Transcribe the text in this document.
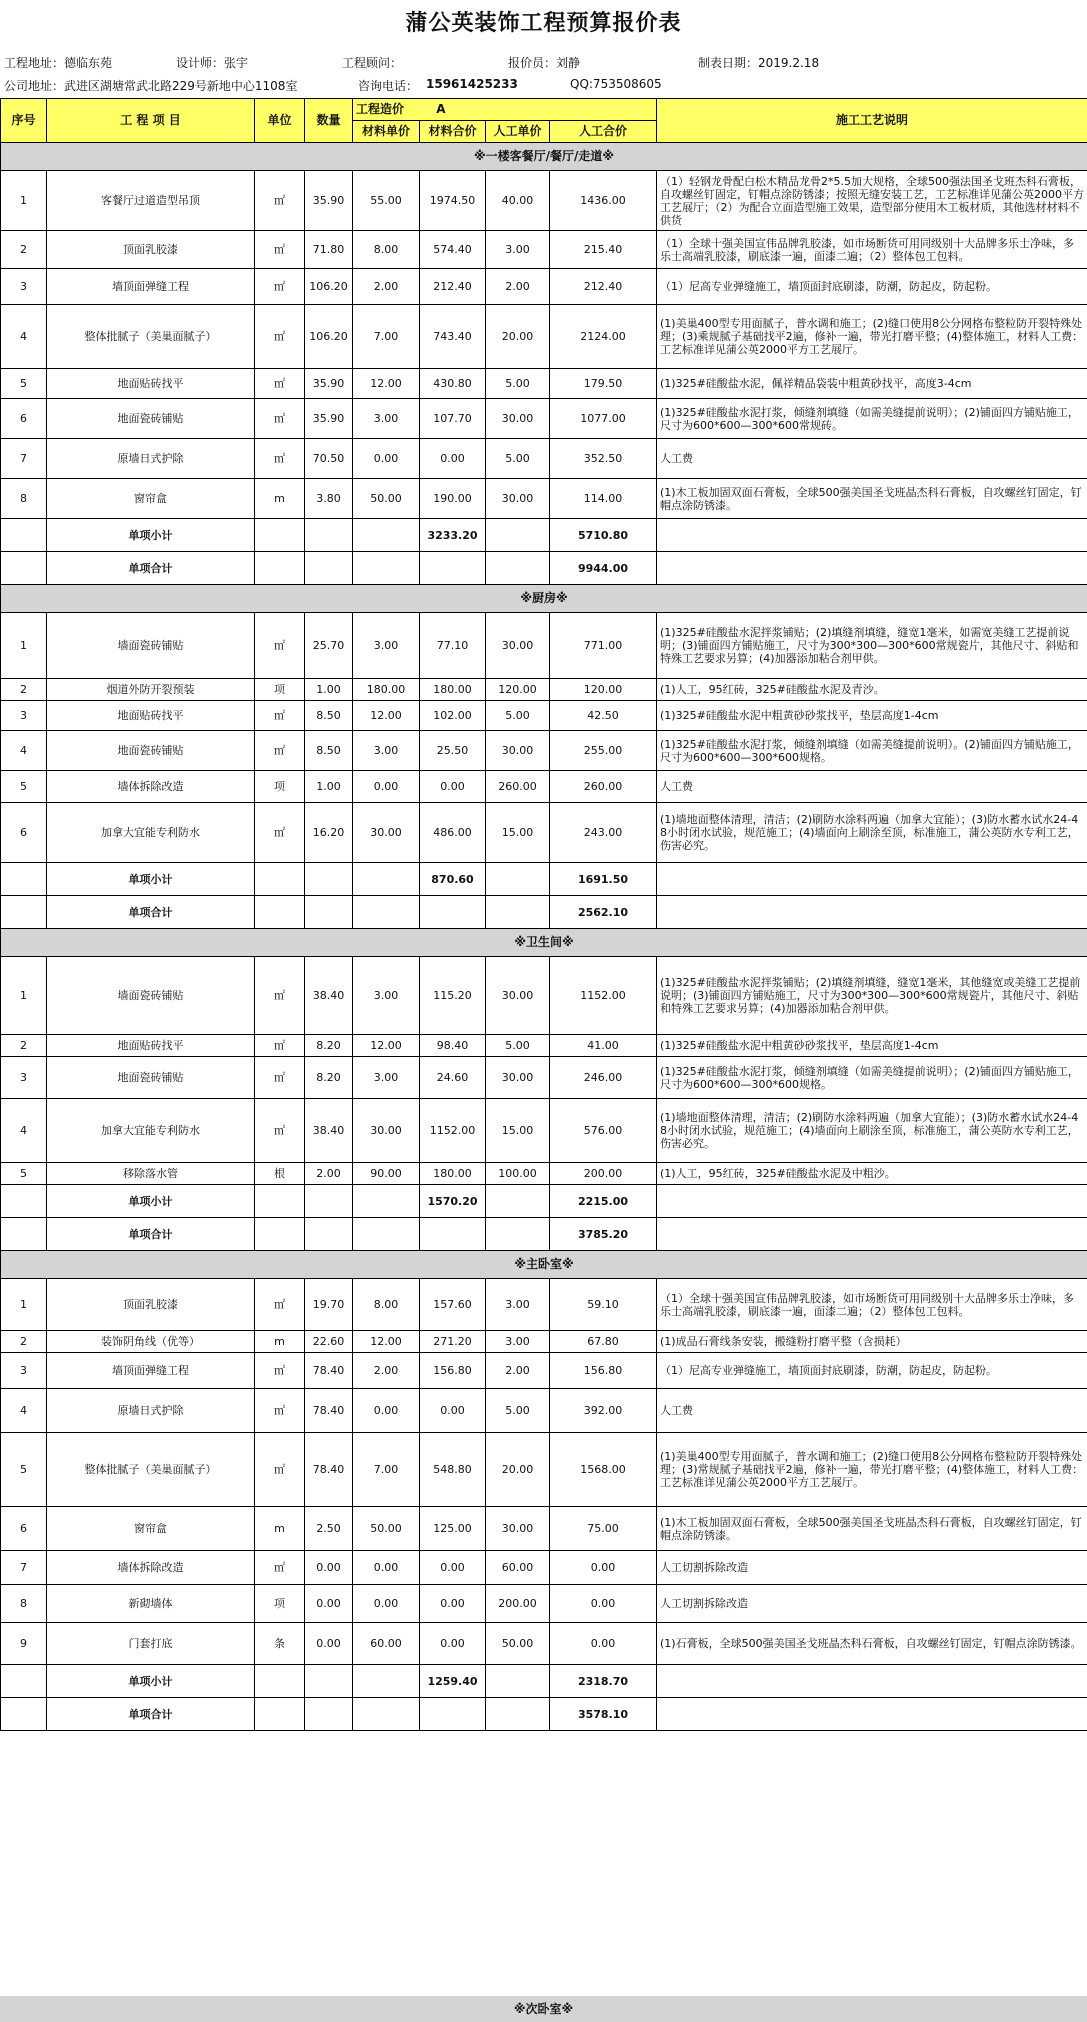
蒲公英装饰工程预算报价表
工程地址：德临东苑	设计师：张宇	工程顾问：	报价员：刘静	制表日期：2019.2.18
公司地址：武进区湖塘常武北路229号新地中心1108室	咨询电话： 15961425233	QQ:753508605
序号	工 程 项 目	单位	数量	工程造价 A				施工工艺说明
				材料单价	材料合价	人工单价	人工合价	
※一楼客餐厅/餐厅/走道※								
1	客餐厅过道造型吊顶	㎡	35.90	55.00	1974.50	40.00	1436.00	（1）轻钢龙骨配白松木精品龙骨2*5.5加大规格，全球500强法国圣戈班杰科石膏板，自攻螺丝钉固定，钉帽点涂防锈漆；按照无缝安装工艺，工艺标准详见蒲公英2000平方工艺展厅；（2）为配合立面造型施工效果，造型部分使用木工板材质，其他选材材料不供货
2	顶面乳胶漆	㎡	71.80	8.00	574.40	3.00	215.40	（1）全球十强美国宣伟品牌乳胶漆，如市场断货可用同级别十大品牌多乐士净味，多乐士高端乳胶漆，刷底漆一遍，面漆二遍；（2）整体包工包料。
3	墙顶面弹缝工程	㎡	106.20	2.00	212.40	2.00	212.40	（1）尼高专业弹缝施工，墙顶面封底刷漆，防潮，防起皮，防起粉。
4	整体批腻子（美巢面腻子）	㎡	106.20	7.00	743.40	20.00	2124.00	(1)美巢400型专用面腻子，普水调和施工；(2)缝口使用8公分网格布整粒防开裂特殊处理；(3)乘规腻子基础找平2遍，修补一遍，带光打磨平整；(4)整体施工，材料人工费：工艺标准详见蒲公英2000平方工艺展厅。
5	地面贴砖找平	㎡	35.90	12.00	430.80	5.00	179.50	(1)325#硅酸盐水泥，佩祥精品袋装中粗黄砂找平，高度3-4cm
6	地面瓷砖铺贴	㎡	35.90	3.00	107.70	30.00	1077.00	(1)325#硅酸盐水泥打浆，倾缝剂填缝（如需美缝提前说明）；(2)铺面四方铺贴施工，尺寸为600*600—300*600常规砖。
7	原墙日式护除	㎡	70.50	0.00	0.00	5.00	352.50	人工费
8	窗帘盒	m	3.80	50.00	190.00	30.00	114.00	(1)木工板加固双面石膏板，全球500强美国圣戈班晶杰科石膏板，自攻螺丝钉固定，钉帽点涂防锈漆。
	单项小计				3233.20		5710.80	
	单项合计						9944.00	
※厨房※								
1	墙面瓷砖铺贴	㎡	25.70	3.00	77.10	30.00	771.00	(1)325#硅酸盐水泥拌浆铺贴；(2)填缝剂填缝，缝宽1毫米，如需宽美缝工艺提前说明；(3)铺面四方铺贴施工，尺寸为300*300—300*600常规瓷片，其他尺寸、斜贴和特殊工艺要求另算；(4)加器添加粘合剂甲供。
2	烟道外防开裂预装	项	1.00	180.00	180.00	120.00	120.00	(1)人工，95红砖，325#硅酸盐水泥及青沙。
3	地面贴砖找平	㎡	8.50	12.00	102.00	5.00	42.50	(1)325#硅酸盐水泥中粗黄砂砂浆找平，垫层高度1-4cm
4	地面瓷砖铺贴	㎡	8.50	3.00	25.50	30.00	255.00	(1)325#硅酸盐水泥打浆，倾缝剂填缝（如需美缝提前说明）。(2)铺面四方铺贴施工，尺寸为600*600—300*600规格。
5	墙体拆除改造	项	1.00	0.00	0.00	260.00	260.00	人工费
6	加拿大宜能专利防水	㎡	16.20	30.00	486.00	15.00	243.00	(1)墙地面整体清理，清洁；(2)刷防水涂料两遍（加拿大宜能）；(3)防水蓄水试水24-48小时闭水试验，规范施工；(4)墙面向上刷涂至顶，标准施工，蒲公英防水专利工艺，伤害必究。
	单项小计				870.60		1691.50	
	单项合计						2562.10	
※卫生间※								
1	墙面瓷砖铺贴	㎡	38.40	3.00	115.20	30.00	1152.00	(1)325#硅酸盐水泥拌浆铺贴；(2)填缝剂填缝，缝宽1毫米，其他缝宽或美缝工艺提前说明；(3)铺面四方铺贴施工，尺寸为300*300—300*600常规瓷片，其他尺寸、斜贴和特殊工艺要求另算；(4)加器添加粘合剂甲供。
2	地面贴砖找平	㎡	8.20	12.00	98.40	5.00	41.00	(1)325#硅酸盐水泥中粗黄砂砂浆找平，垫层高度1-4cm
3	地面瓷砖铺贴	㎡	8.20	3.00	24.60	30.00	246.00	(1)325#硅酸盐水泥打浆，倾缝剂填缝（如需美缝提前说明）；(2)铺面四方铺贴施工，尺寸为600*600—300*600规格。
4	加拿大宜能专利防水	㎡	38.40	30.00	1152.00	15.00	576.00	(1)墙地面整体清理，清洁；(2)刷防水涂料两遍（加拿大宜能）；(3)防水蓄水试水24-48小时闭水试验，规范施工；(4)墙面向上刷涂至顶，标准施工，蒲公英防水专利工艺，伤害必究。
5	移除落水管	根	2.00	90.00	180.00	100.00	200.00	(1)人工，95红砖，325#硅酸盐水泥及中粗沙。
	单项小计				1570.20		2215.00	
	单项合计						3785.20	
※主卧室※								
1	顶面乳胶漆	㎡	19.70	8.00	157.60	3.00	59.10	（1）全球十强美国宣伟品牌乳胶漆，如市场断货可用同级别十大品牌多乐士净味，多乐士高端乳胶漆，刷底漆一遍，面漆二遍；（2）整体包工包料。
2	装饰阴角线（优等）	m	22.60	12.00	271.20	3.00	67.80	(1)成品石膏线条安装，搬缝粉打磨平整（含损耗）
3	墙顶面弹缝工程	㎡	78.40	2.00	156.80	2.00	156.80	（1）尼高专业弹缝施工，墙顶面封底刷漆，防潮，防起皮，防起粉。
4	原墙日式护除	㎡	78.40	0.00	0.00	5.00	392.00	人工费
5	整体批腻子（美巢面腻子）	㎡	78.40	7.00	548.80	20.00	1568.00	(1)美巢400型专用面腻子，普水调和施工；(2)缝口使用8公分网格布整粒防开裂特殊处理；(3)常规腻子基础找平2遍，修补一遍，带光打磨平整；(4)整体施工，材料人工费：工艺标准详见蒲公英2000平方工艺展厅。
6	窗帘盒	m	2.50	50.00	125.00	30.00	75.00	(1)木工板加固双面石膏板，全球500强美国圣戈班晶杰科石膏板，自攻螺丝钉固定，钉帽点涂防锈漆。
7	墙体拆除改造	㎡	0.00	0.00	0.00	60.00	0.00	人工切割拆除改造
8	新砌墙体	项	0.00	0.00	0.00	200.00	0.00	人工切割拆除改造
9	门套打底	条	0.00	60.00	0.00	50.00	0.00	(1)石膏板，全球500强美国圣戈班晶杰科石膏板，自攻螺丝钉固定，钉帽点涂防锈漆。
	单项小计				1259.40		2318.70	
	单项合计						3578.10	
※次卧室※
